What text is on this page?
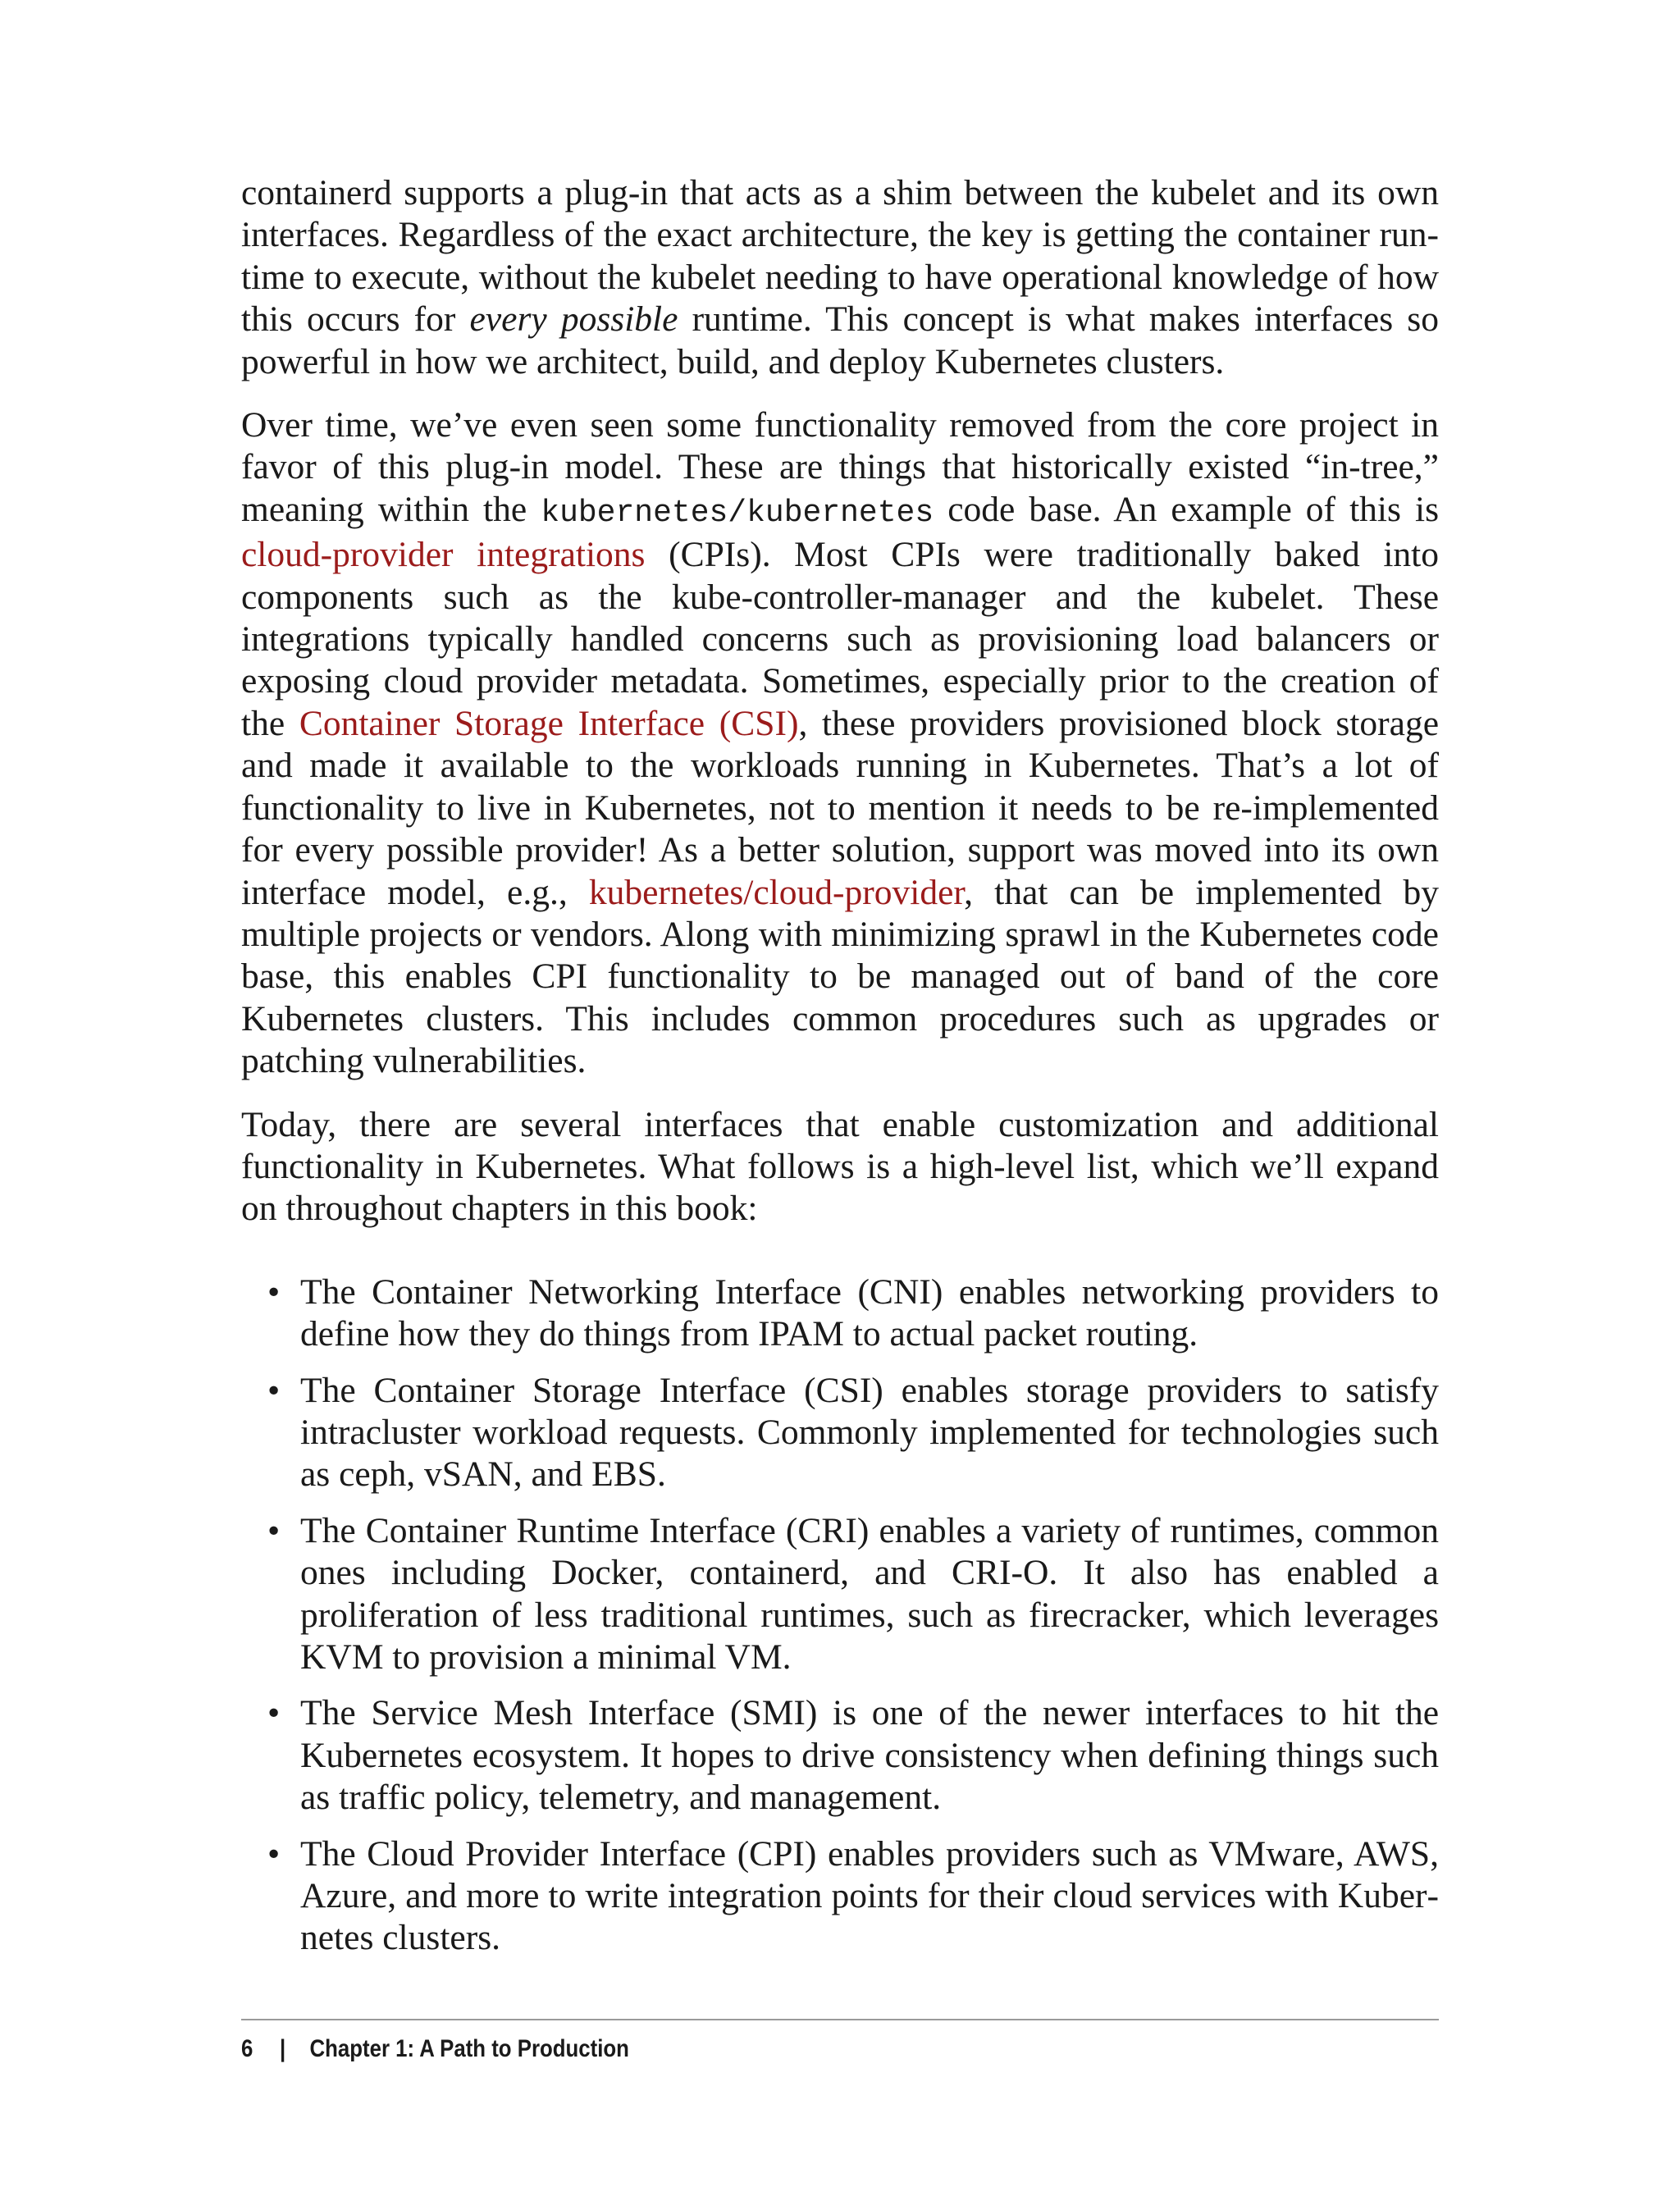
containerd supports a plug-in that acts as a shim between the kubelet and its own interfaces. Regardless of the exact architecture, the key is getting the container runtime to execute, without the kubelet needing to have operational knowledge of how this occurs for every possible runtime. This concept is what makes interfaces so powerful in how we architect, build, and deploy Kubernetes clusters.

Over time, we’ve even seen some functionality removed from the core project in favor of this plug-in model. These are things that historically existed “in-tree,” meaning within the kubernetes/kubernetes code base. An example of this is cloud-provider integrations (CPIs). Most CPIs were traditionally baked into components such as the kube-controller-manager and the kubelet. These integrations typically handled concerns such as provisioning load balancers or exposing cloud provider metadata. Sometimes, especially prior to the creation of the Container Storage Interface (CSI), these providers provisioned block storage and made it available to the workloads running in Kubernetes. That’s a lot of functionality to live in Kubernetes, not to mention it needs to be re-implemented for every possible provider! As a better solution, support was moved into its own interface model, e.g., kubernetes/cloud-provider, that can be implemented by multiple projects or vendors. Along with minimizing sprawl in the Kubernetes code base, this enables CPI functionality to be managed out of band of the core Kubernetes clusters. This includes common procedures such as upgrades or patching vulnerabilities.

Today, there are several interfaces that enable customization and additional functionality in Kubernetes. What follows is a high-level list, which we’ll expand on throughout chapters in this book:

• The Container Networking Interface (CNI) enables networking providers to define how they do things from IPAM to actual packet routing.
• The Container Storage Interface (CSI) enables storage providers to satisfy intracluster workload requests. Commonly implemented for technologies such as ceph, vSAN, and EBS.
• The Container Runtime Interface (CRI) enables a variety of runtimes, common ones including Docker, containerd, and CRI-O. It also has enabled a proliferation of less traditional runtimes, such as firecracker, which leverages KVM to provision a minimal VM.
• The Service Mesh Interface (SMI) is one of the newer interfaces to hit the Kubernetes ecosystem. It hopes to drive consistency when defining things such as traffic policy, telemetry, and management.
• The Cloud Provider Interface (CPI) enables providers such as VMware, AWS, Azure, and more to write integration points for their cloud services with Kubernetes clusters.
6 | Chapter 1: A Path to Production
